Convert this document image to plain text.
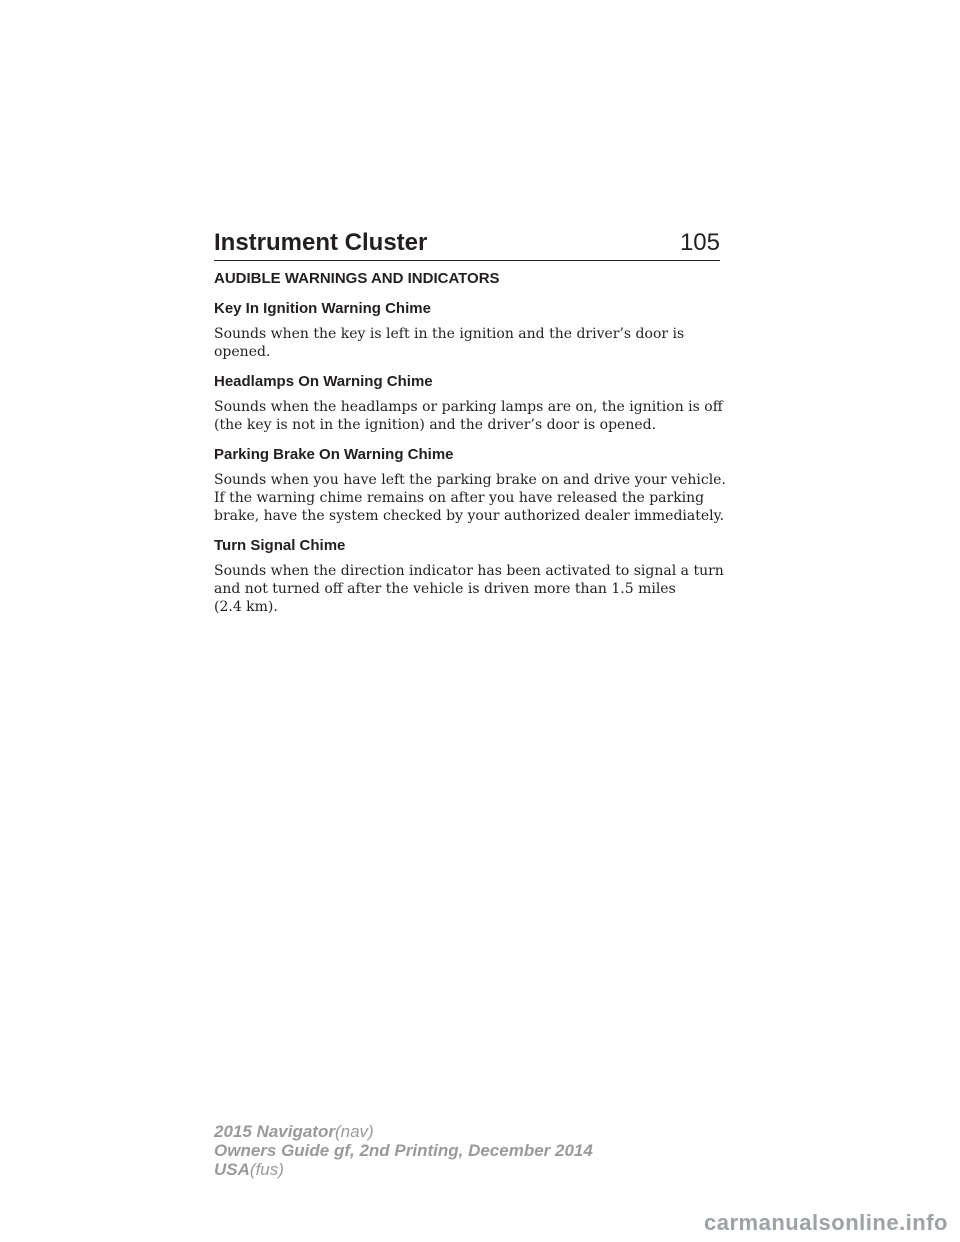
Instrument Cluster	105
AUDIBLE WARNINGS AND INDICATORS
Key In Ignition Warning Chime
Sounds when the key is left in the ignition and the driver’s door is
opened.
Headlamps On Warning Chime
Sounds when the headlamps or parking lamps are on, the ignition is off
(the key is not in the ignition) and the driver’s door is opened.
Parking Brake On Warning Chime
Sounds when you have left the parking brake on and drive your vehicle.
If the warning chime remains on after you have released the parking
brake, have the system checked by your authorized dealer immediately.
Turn Signal Chime
Sounds when the direction indicator has been activated to signal a turn
and not turned off after the vehicle is driven more than 1.5 miles
(2.4 km).
2015 Navigator(nav)
Owners Guide gf, 2nd Printing, December 2014
USA(fus)
carmanualsonline.info
